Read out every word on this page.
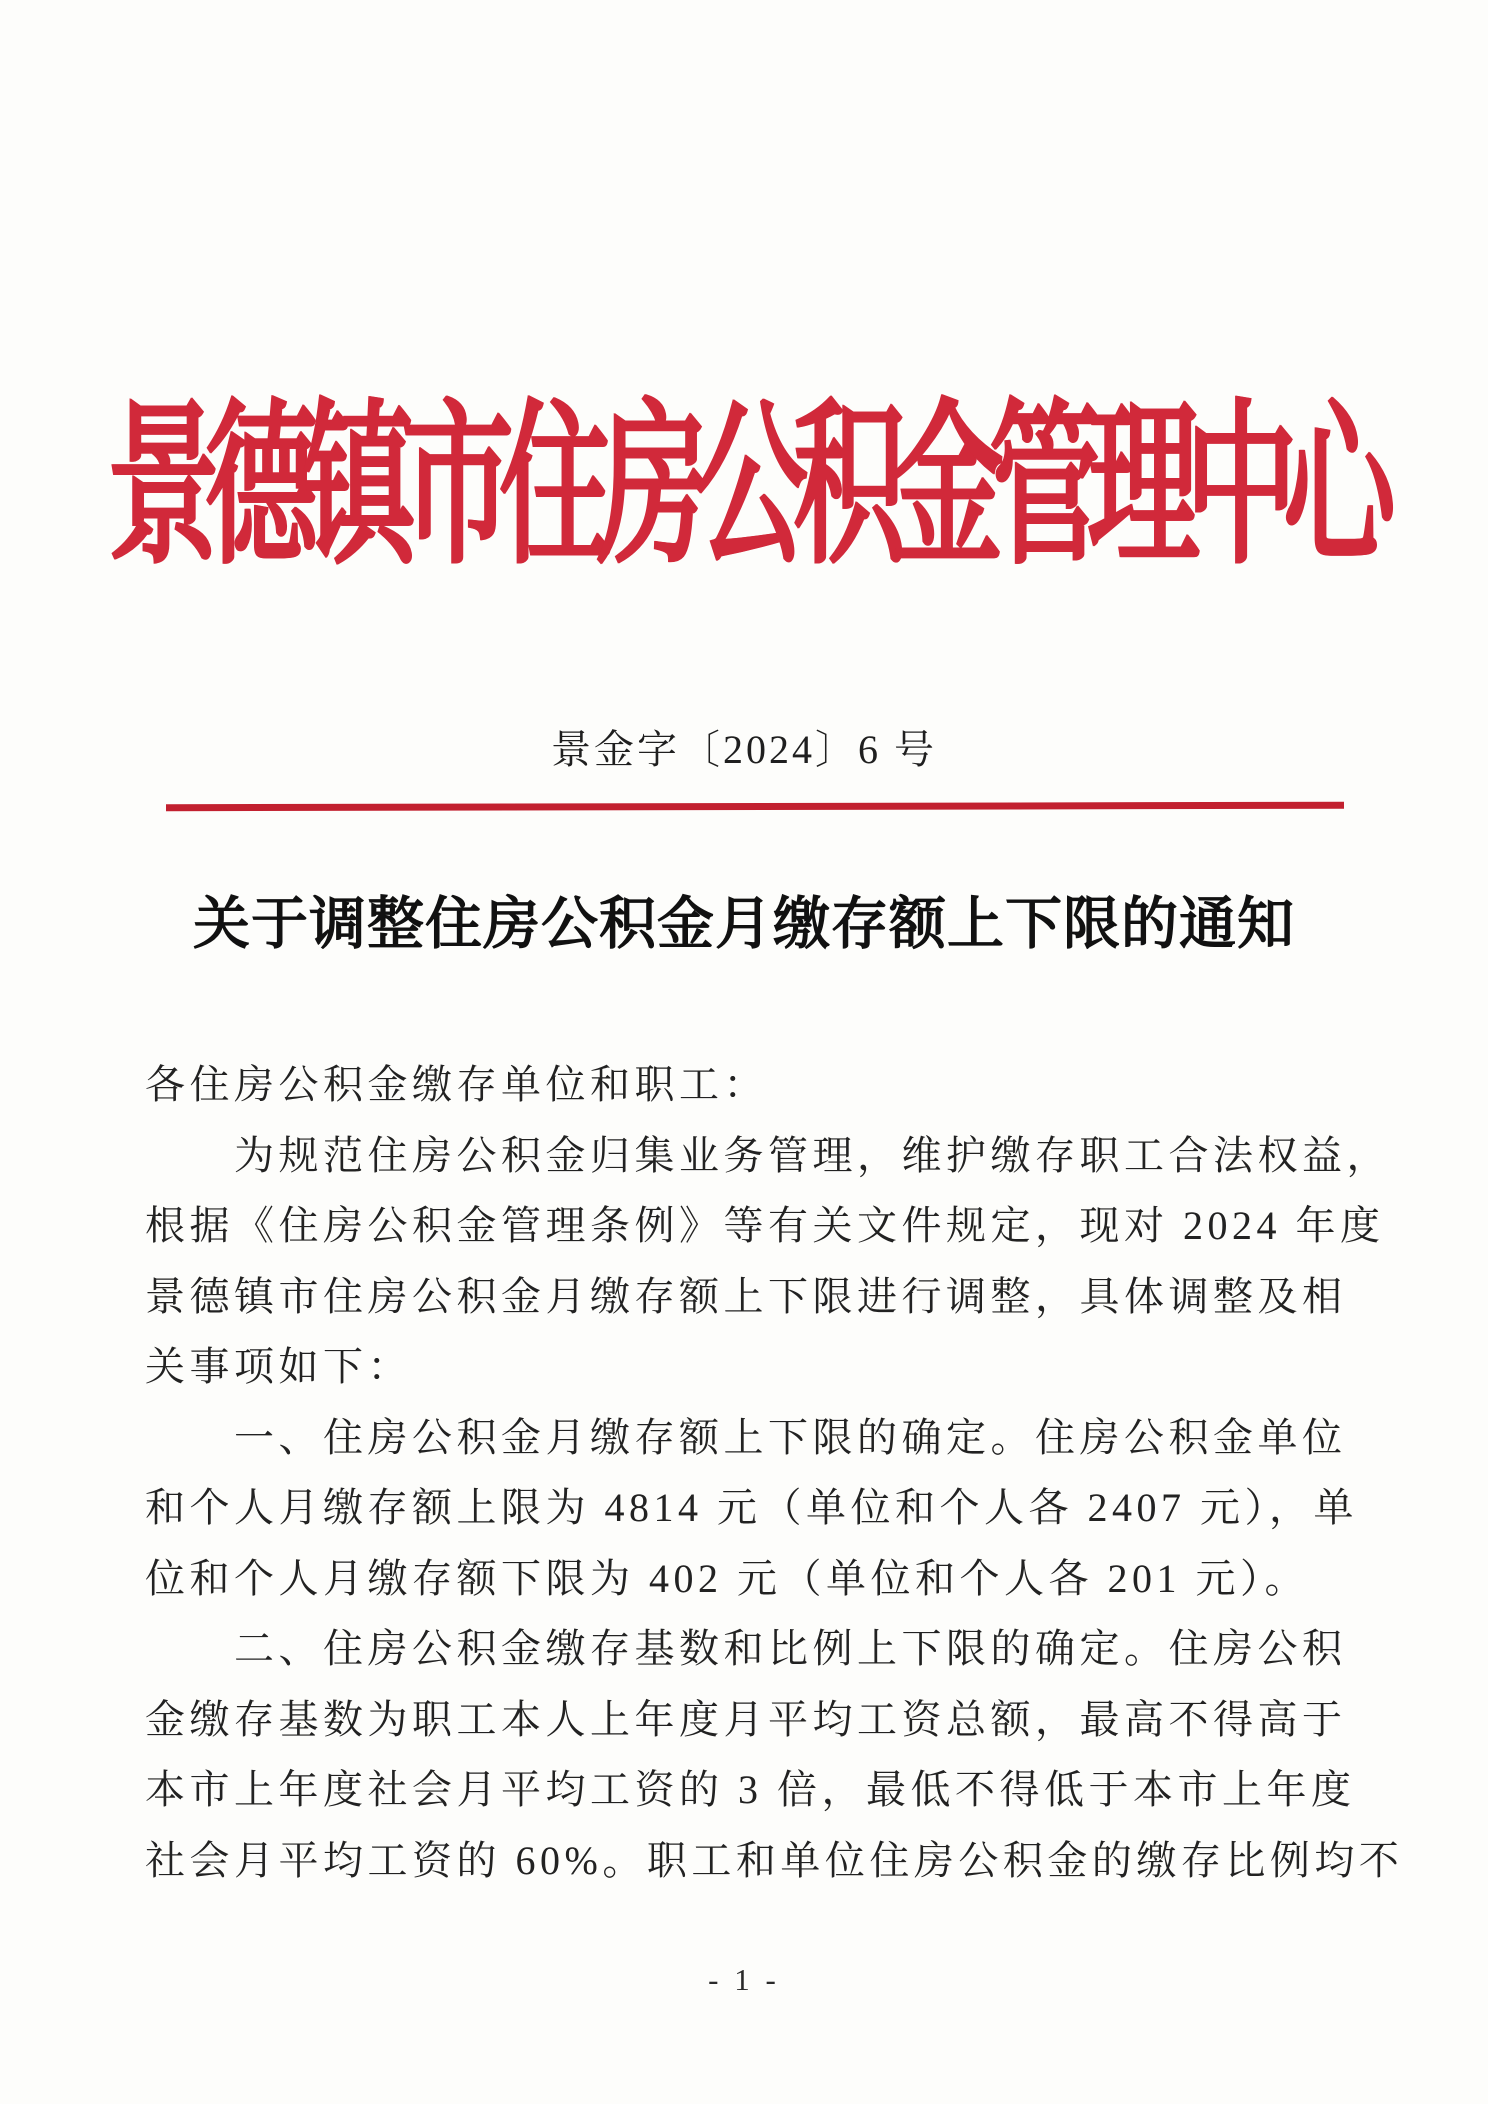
景德镇市住房公积金管理中心
景金字〔2024〕6 号
关于调整住房公积金月缴存额上下限的通知
各住房公积金缴存单位和职工：
为规范住房公积金归集业务管理，维护缴存职工合法权益，
根据《住房公积金管理条例》等有关文件规定，现对 2024 年度
景德镇市住房公积金月缴存额上下限进行调整，具体调整及相
关事项如下：
一、住房公积金月缴存额上下限的确定。住房公积金单位
和个人月缴存额上限为 4814 元（单位和个人各 2407 元），单
位和个人月缴存额下限为 402 元（单位和个人各 201 元）。
二、住房公积金缴存基数和比例上下限的确定。住房公积
金缴存基数为职工本人上年度月平均工资总额，最高不得高于
本市上年度社会月平均工资的 3 倍，最低不得低于本市上年度
社会月平均工资的 60%。职工和单位住房公积金的缴存比例均不
- 1 -
